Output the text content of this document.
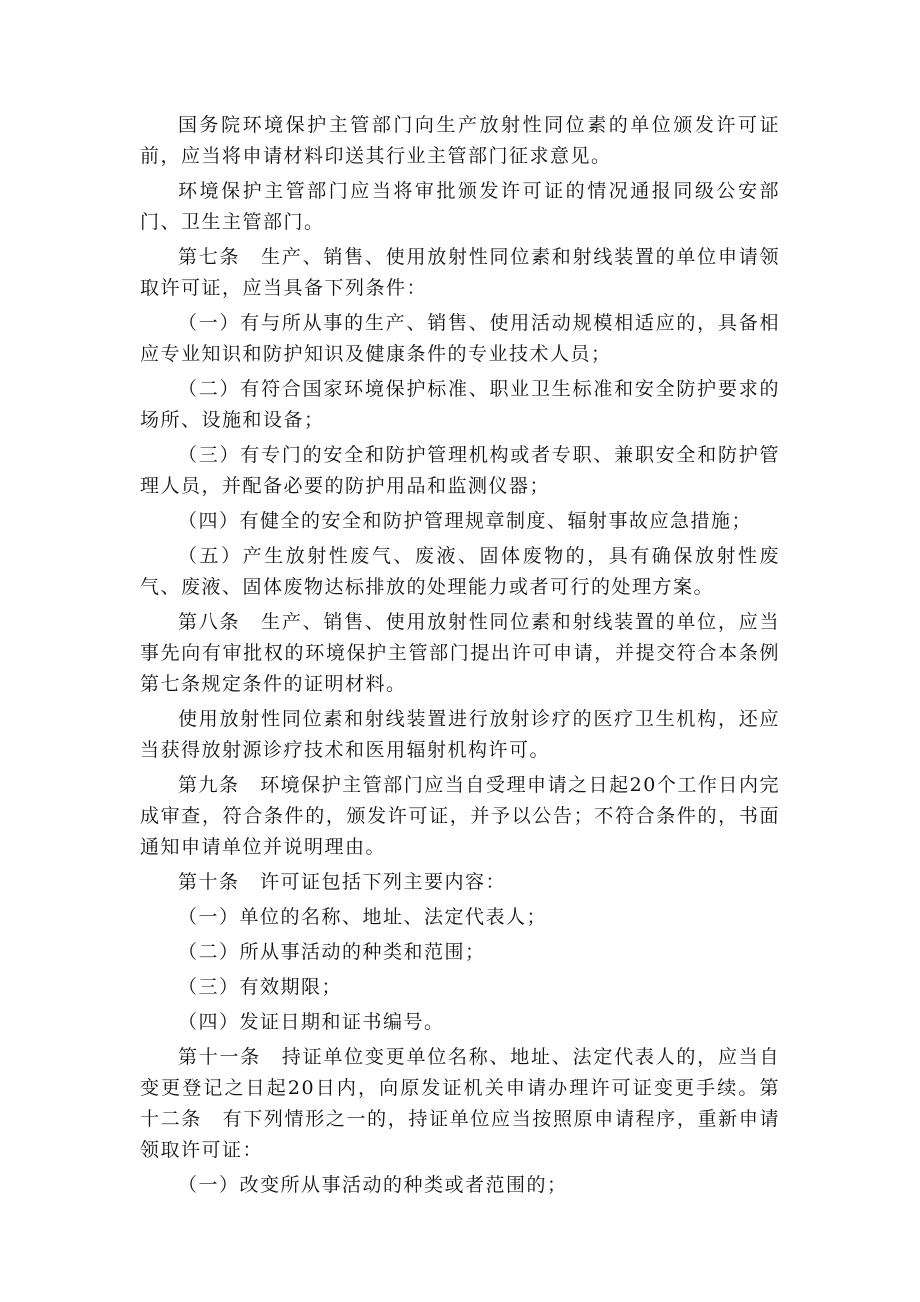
国务院环境保护主管部门向生产放射性同位素的单位颁发许可证前，应当将申请材料印送其行业主管部门征求意见。

环境保护主管部门应当将审批颁发许可证的情况通报同级公安部门、卫生主管部门。

第七条　生产、销售、使用放射性同位素和射线装置的单位申请领取许可证，应当具备下列条件：

（一）有与所从事的生产、销售、使用活动规模相适应的，具备相应专业知识和防护知识及健康条件的专业技术人员；

（二）有符合国家环境保护标准、职业卫生标准和安全防护要求的场所、设施和设备；

（三）有专门的安全和防护管理机构或者专职、兼职安全和防护管理人员，并配备必要的防护用品和监测仪器；

（四）有健全的安全和防护管理规章制度、辐射事故应急措施；

（五）产生放射性废气、废液、固体废物的，具有确保放射性废气、废液、固体废物达标排放的处理能力或者可行的处理方案。

第八条　生产、销售、使用放射性同位素和射线装置的单位，应当事先向有审批权的环境保护主管部门提出许可申请，并提交符合本条例第七条规定条件的证明材料。

使用放射性同位素和射线装置进行放射诊疗的医疗卫生机构，还应当获得放射源诊疗技术和医用辐射机构许可。

第九条　环境保护主管部门应当自受理申请之日起20个工作日内完成审查，符合条件的，颁发许可证，并予以公告；不符合条件的，书面通知申请单位并说明理由。

第十条　许可证包括下列主要内容：

（一）单位的名称、地址、法定代表人；

（二）所从事活动的种类和范围；

（三）有效期限；

（四）发证日期和证书编号。

第十一条　持证单位变更单位名称、地址、法定代表人的，应当自变更登记之日起20日内，向原发证机关申请办理许可证变更手续。第十二条　有下列情形之一的，持证单位应当按照原申请程序，重新申请领取许可证：

（一）改变所从事活动的种类或者范围的；
